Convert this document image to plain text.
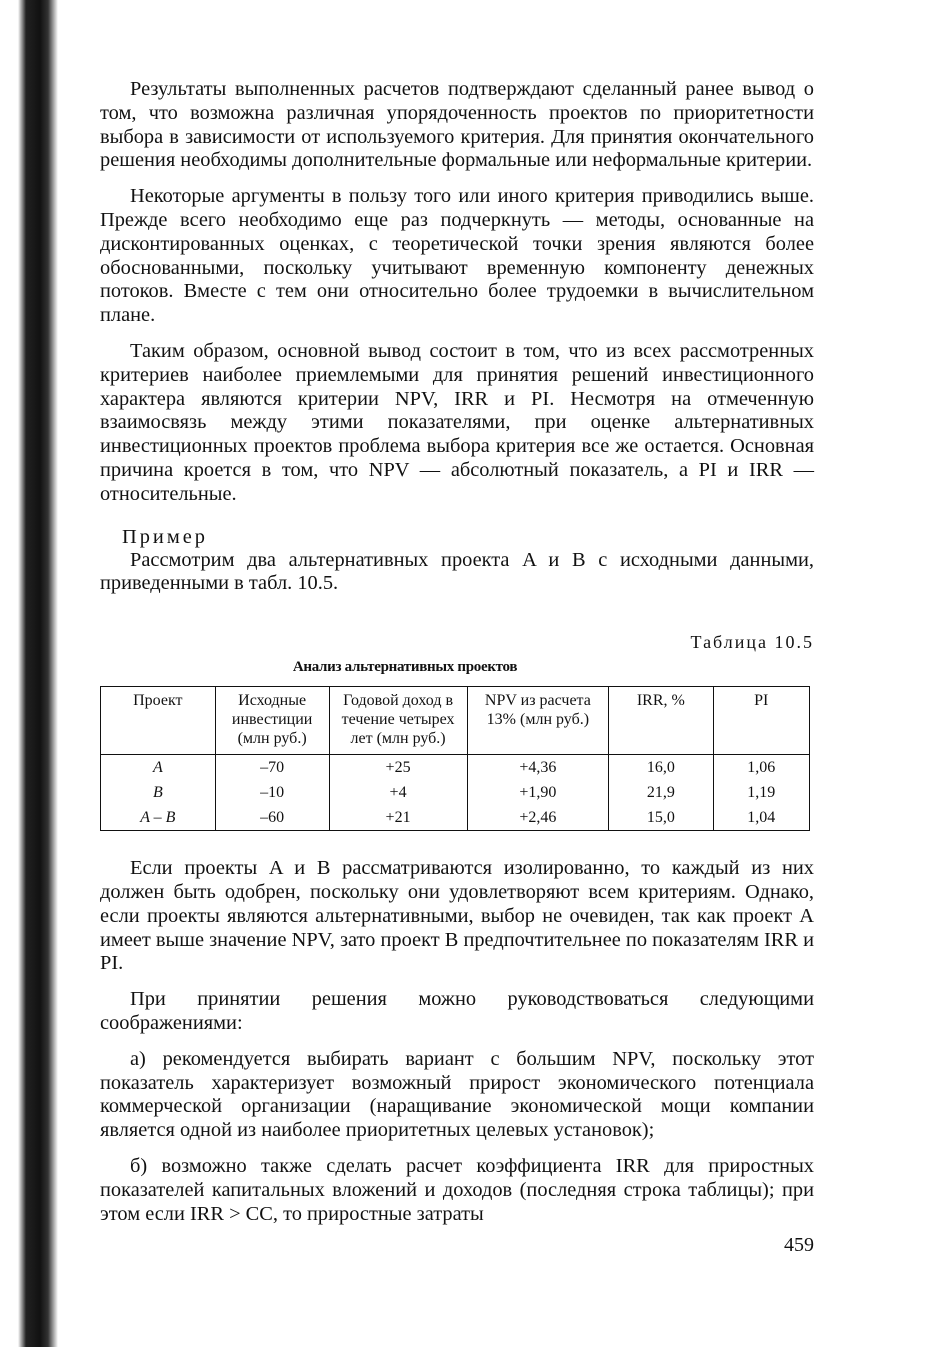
Результаты выполненных расчетов подтверждают сделанный ранее вывод о том, что возможна различная упорядоченность проектов по приоритетности выбора в зависимости от используемого критерия. Для принятия окончательного решения необходимы дополнительные формальные или неформальные критерии.

Некоторые аргументы в пользу того или иного критерия приводились выше. Прежде всего необходимо еще раз подчеркнуть — методы, основанные на дисконтированных оценках, с теоретической точки зрения являются более обоснованными, поскольку учитывают временную компоненту денежных потоков. Вместе с тем они относительно более трудоемки в вычислительном плане.

Таким образом, основной вывод состоит в том, что из всех рассмотренных критериев наиболее приемлемыми для принятия решений инвестиционного характера являются критерии NPV, IRR и PI. Несмотря на отмеченную взаимосвязь между этими показателями, при оценке альтернативных инвестиционных проектов проблема выбора критерия все же остается. Основная причина кроется в том, что NPV — абсолютный показатель, а PI и IRR — относительные.

Пример

Рассмотрим два альтернативных проекта A и B с исходными данными, приведенными в табл. 10.5.

Таблица 10.5
Анализ альтернативных проектов
Проект	Исходные инвестиции (млн руб.)	Годовой доход в течение четырех лет (млн руб.)	NPV из расчета 13% (млн руб.)	IRR, %	PI
A	–70	+25	+4,36	16,0	1,06
B	–10	+4	+1,90	21,9	1,19
A – B	–60	+21	+2,46	15,0	1,04

Если проекты A и B рассматриваются изолированно, то каждый из них должен быть одобрен, поскольку они удовлетворяют всем критериям. Однако, если проекты являются альтернативными, выбор не очевиден, так как проект A имеет выше значение NPV, зато проект B предпочтительнее по показателям IRR и PI.

При принятии решения можно руководствоваться следующими соображениями:

а) рекомендуется выбирать вариант с большим NPV, поскольку этот показатель характеризует возможный прирост экономического потенциала коммерческой организации (наращивание экономической мощи компании является одной из наиболее приоритетных целевых установок);

б) возможно также сделать расчет коэффициента IRR для приростных показателей капитальных вложений и доходов (последняя строка таблицы); при этом если IRR > CC, то приростные затраты

459
